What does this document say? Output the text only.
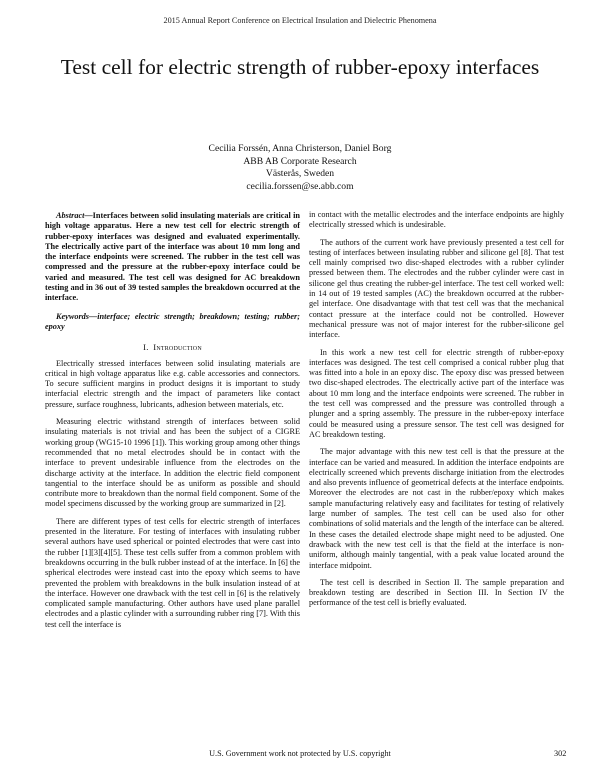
2015 Annual Report Conference on Electrical Insulation and Dielectric Phenomena
Test cell for electric strength of rubber-epoxy interfaces
Cecilia Forssén, Anna Christerson, Daniel Borg
ABB AB Corporate Research
Västerås, Sweden
cecilia.forssen@se.abb.com

Abstract—Interfaces between solid insulating materials are critical in high voltage apparatus. Here a new test cell for electric strength of rubber-epoxy interfaces was designed and evaluated experimentally. The electrically active part of the interface was about 10 mm long and the interface endpoints were screened. The rubber in the test cell was compressed and the pressure at the rubber-epoxy interface could be varied and measured. The test cell was designed for AC breakdown testing and in 36 out of 39 tested samples the breakdown occurred at the interface.

Keywords—interface; electric strength; breakdown; testing; rubber; epoxy

I. Introduction

Electrically stressed interfaces between solid insulating materials are critical in high voltage apparatus like e.g. cable accessories and connectors. To secure sufficient margins in product designs it is important to study interfacial electric strength and the impact of parameters like contact pressure, surface roughness, lubricants, adhesion between materials, etc.

Measuring electric withstand strength of interfaces between solid insulating materials is not trivial and has been the subject of a CIGRE working group (WG15-10 1996 [1]). This working group among other things recommended that no metal electrodes should be in contact with the interface to prevent undesirable influence from the electrodes on the discharge activity at the interface. In addition the electric field component tangential to the interface should be as uniform as possible and should contribute more to breakdown than the normal field component. Some of the model specimens discussed by the working group are summarized in [2].

There are different types of test cells for electric strength of interfaces presented in the literature. For testing of interfaces with insulating rubber several authors have used spherical or pointed electrodes that were cast into the rubber [1][3][4][5]. These test cells suffer from a common problem with breakdowns occurring in the bulk rubber instead of at the interface. In [6] the spherical electrodes were instead cast into the epoxy which seems to have prevented the problem with breakdowns in the bulk insulation instead of at the interface. However one drawback with the test cell in [6] is the relatively complicated sample manufacturing. Other authors have used plane parallel electrodes and a plastic cylinder with a surrounding rubber ring [7]. With this test cell the interface is

in contact with the metallic electrodes and the interface endpoints are highly electrically stressed which is undesirable.

The authors of the current work have previously presented a test cell for testing of interfaces between insulating rubber and silicone gel [8]. That test cell mainly comprised two disc-shaped electrodes with a rubber cylinder pressed between them. The electrodes and the rubber cylinder were cast in silicone gel thus creating the rubber-gel interface. The test cell worked well: in 14 out of 19 tested samples (AC) the breakdown occurred at the rubber-gel interface. One disadvantage with that test cell was that the mechanical contact pressure at the interface could not be controlled. However mechanical pressure was not of major interest for the rubber-silicone gel interface.

In this work a new test cell for electric strength of rubber-epoxy interfaces was designed. The test cell comprised a conical rubber plug that was fitted into a hole in an epoxy disc. The epoxy disc was pressed between two disc-shaped electrodes. The electrically active part of the interface was about 10 mm long and the interface endpoints were screened. The rubber in the test cell was compressed and the pressure was controlled through a plunger and a spring assembly. The pressure in the rubber-epoxy interface could be measured using a pressure sensor. The test cell was designed for AC breakdown testing.

The major advantage with this new test cell is that the pressure at the interface can be varied and measured. In addition the interface endpoints are electrically screened which prevents discharge initiation from the electrodes and also prevents influence of geometrical defects at the interface endpoints. Moreover the electrodes are not cast in the rubber/epoxy which makes sample manufacturing relatively easy and facilitates for testing of relatively large number of samples. The test cell can be used also for other combinations of solid materials and the length of the interface can be altered. In these cases the detailed electrode shape might need to be adjusted. One drawback with the new test cell is that the field at the interface is non-uniform, although mainly tangential, with a peak value located around the interface midpoint.

The test cell is described in Section II. The sample preparation and breakdown testing are described in Section III. In Section IV the performance of the test cell is briefly evaluated.

U.S. Government work not protected by U.S. copyright	302
